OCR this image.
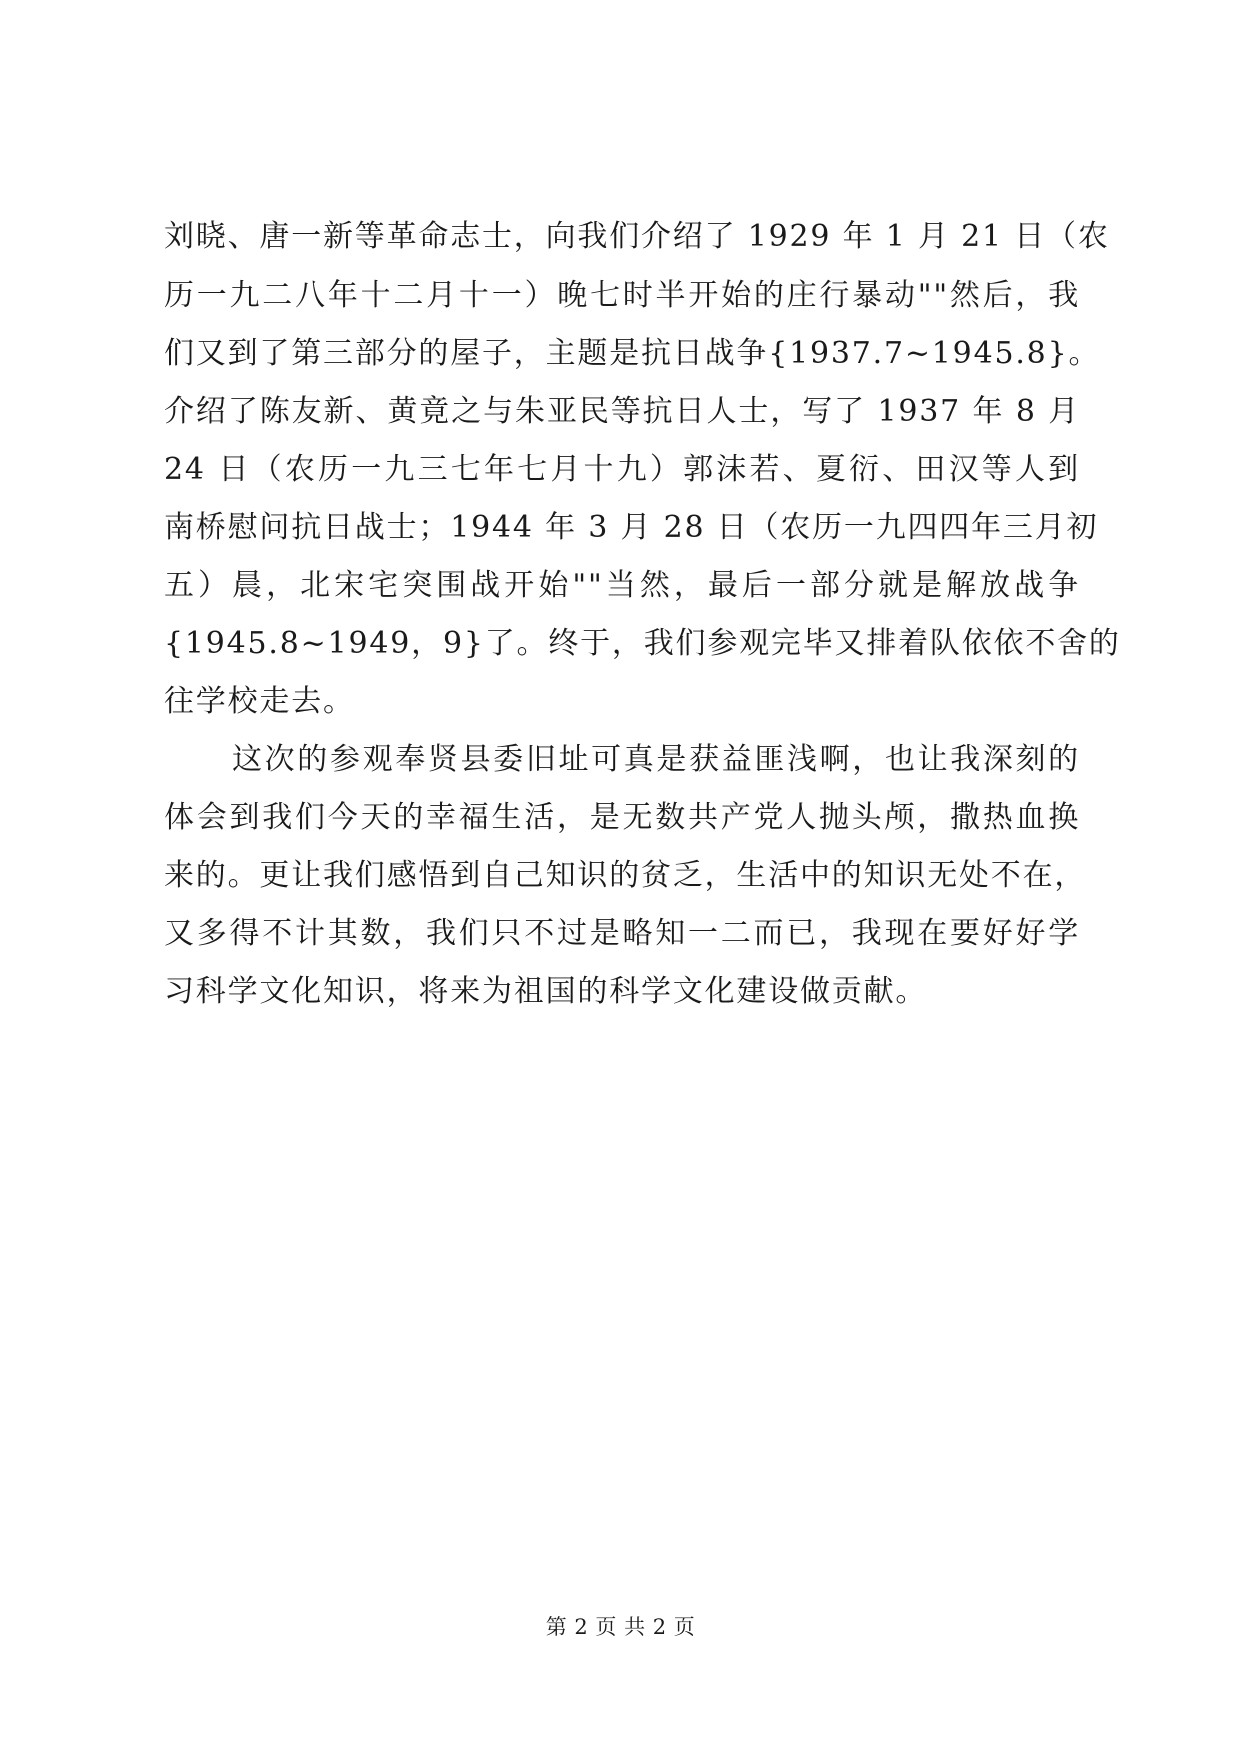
刘晓、唐一新等革命志士，向我们介绍了 1929 年 1 月 21 日（农
历一九二八年十二月十一）晚七时半开始的庄行暴动""然后，我
们又到了第三部分的屋子，主题是抗日战争{1937.7~1945.8}。
介绍了陈友新、黄竟之与朱亚民等抗日人士，写了 1937 年 8 月
24 日（农历一九三七年七月十九）郭沫若、夏衍、田汉等人到
南桥慰问抗日战士；1944 年 3 月 28 日（农历一九四四年三月初
五）晨，北宋宅突围战开始""当然，最后一部分就是解放战争
{1945.8~1949，9}了。终于，我们参观完毕又排着队依依不舍的
往学校走去。
这次的参观奉贤县委旧址可真是获益匪浅啊，也让我深刻的
体会到我们今天的幸福生活，是无数共产党人抛头颅，撒热血换
来的。更让我们感悟到自己知识的贫乏，生活中的知识无处不在，
又多得不计其数，我们只不过是略知一二而已，我现在要好好学
习科学文化知识，将来为祖国的科学文化建设做贡献。
第 2 页 共 2 页
